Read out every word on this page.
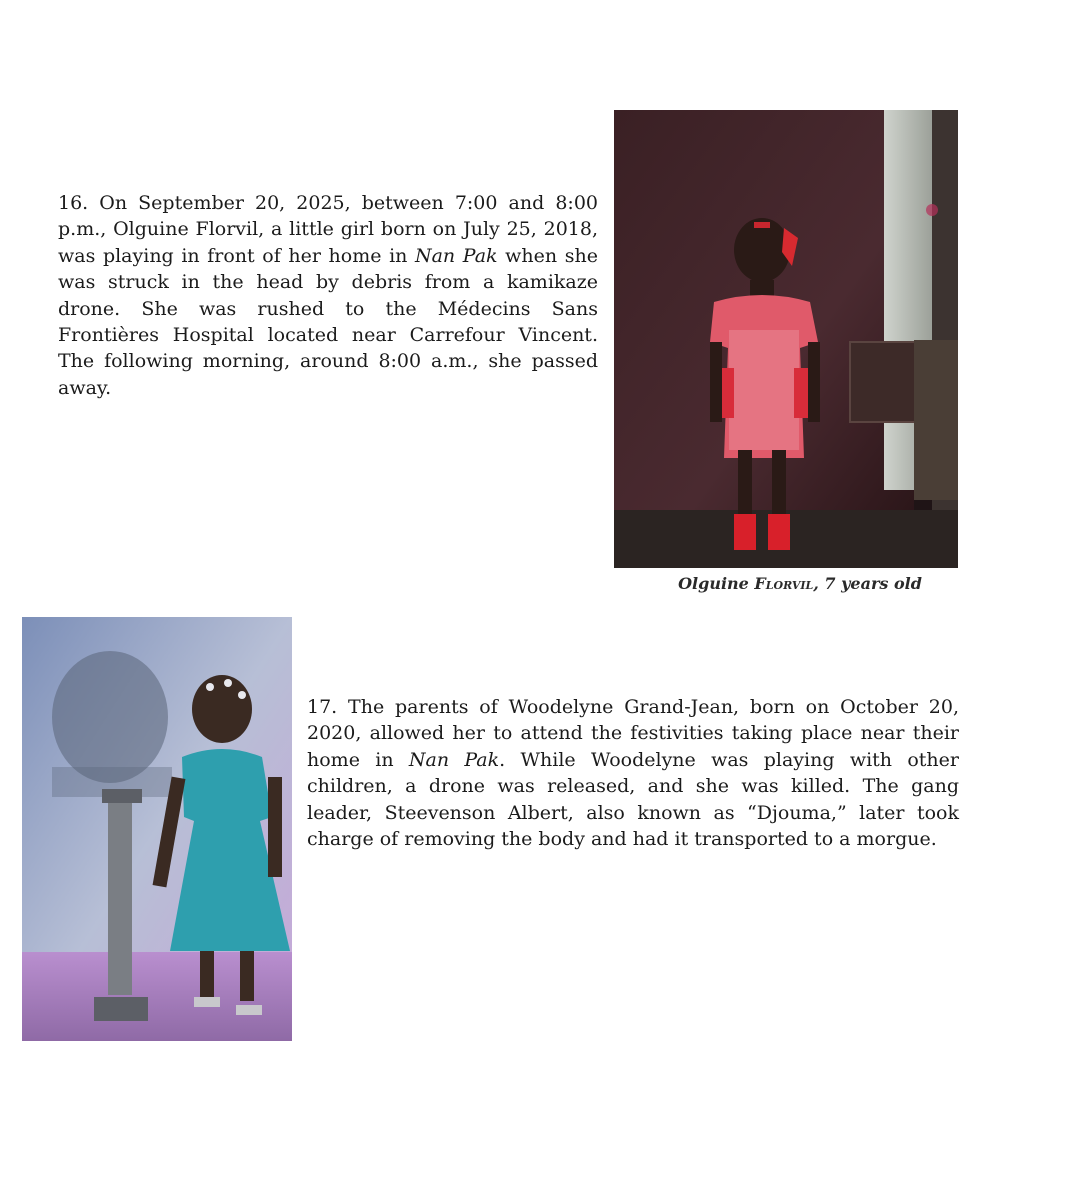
16. On September 20, 2025, between 7:00 and 8:00 p.m., Olguine Florvil, a little girl born on July 25, 2018, was playing in front of her home in Nan Pak when she was struck in the head by debris from a kamikaze drone. She was rushed to the Médecins Sans Frontières Hospital located near Carrefour Vincent. The following morning, around 8:00 a.m., she passed away.

Olguine Florvil, 7 years old

17. The parents of Woodelyne Grand-Jean, born on October 20, 2020, allowed her to attend the festivities taking place near their home in Nan Pak. While Woodelyne was playing with other children, a drone was released, and she was killed. The gang leader, Steevenson Albert, also known as “Djouma,” later took charge of removing the body and had it transported to a morgue.
